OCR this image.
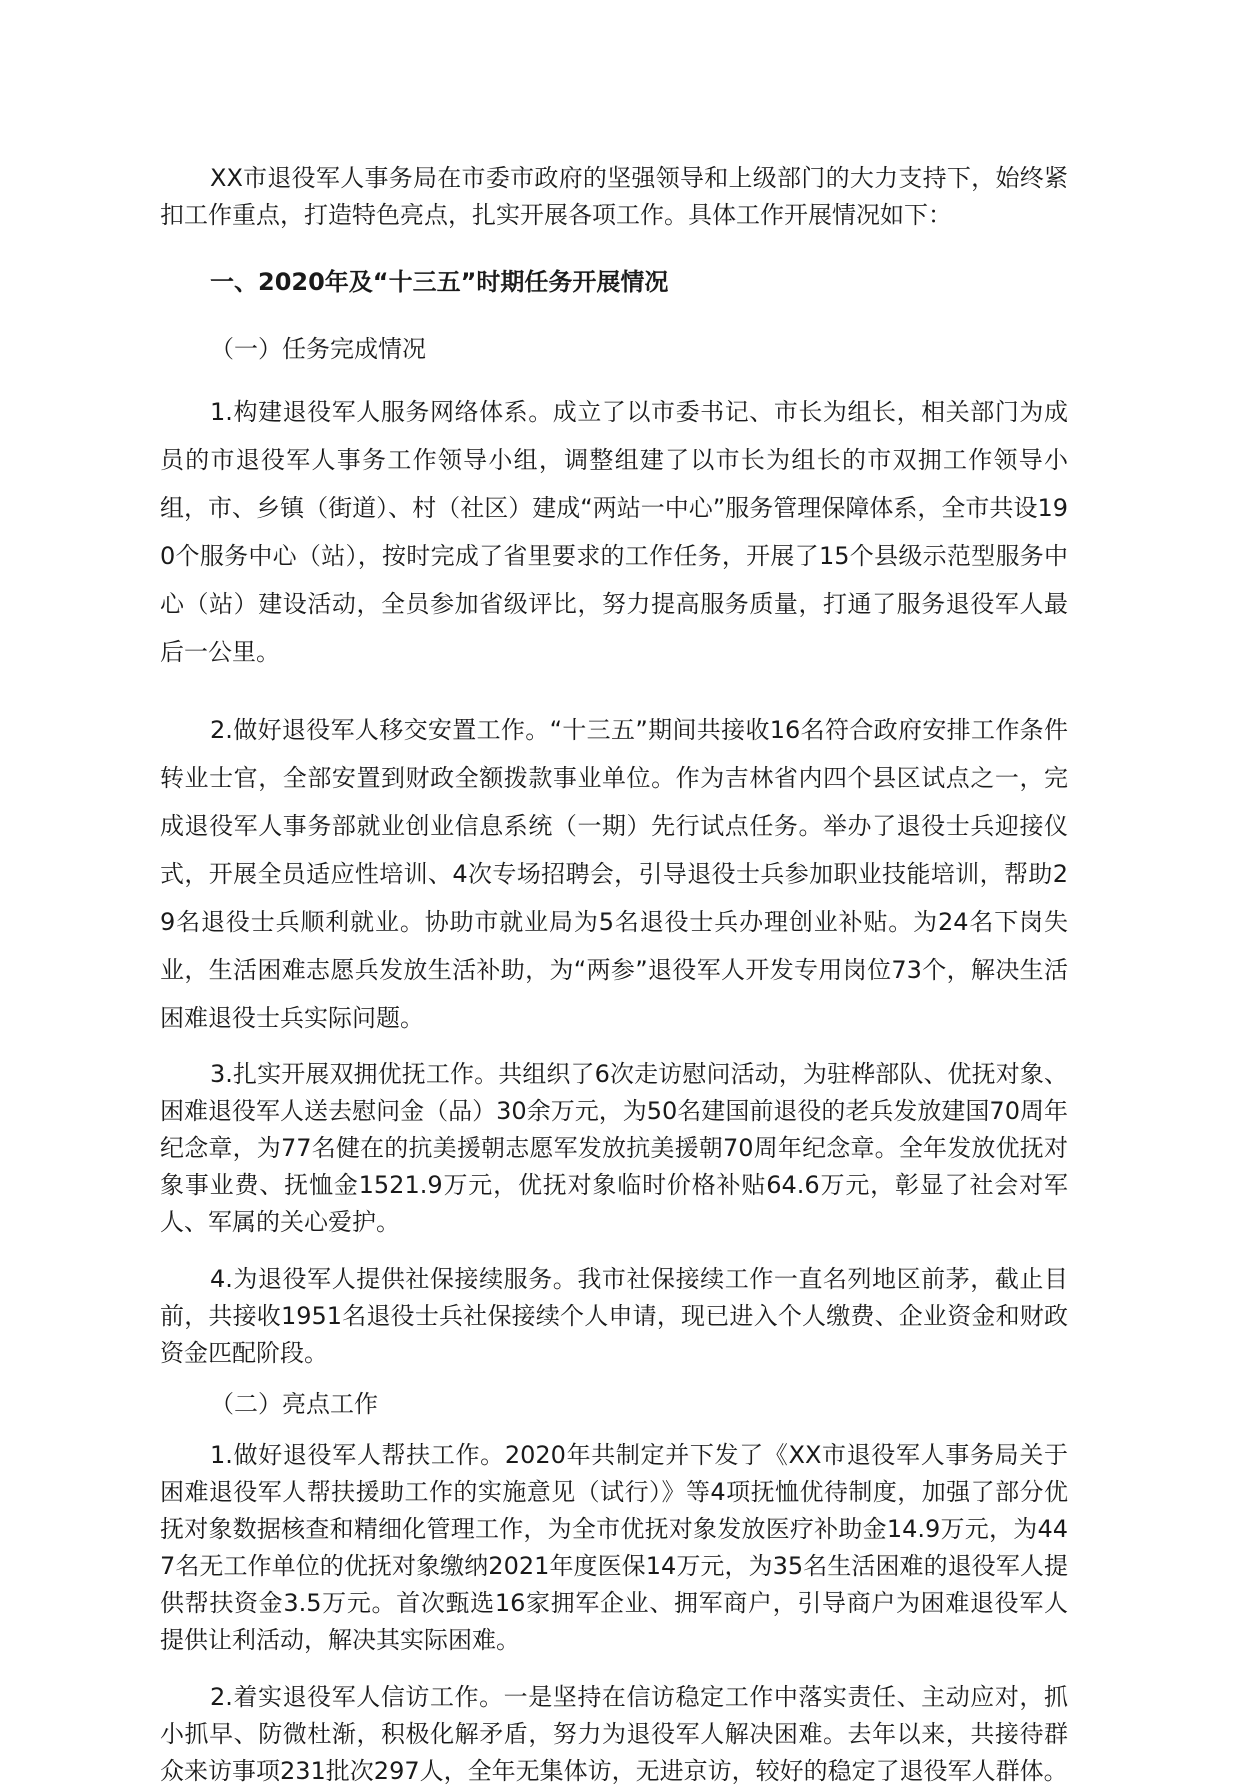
XX市退役军人事务局在市委市政府的坚强领导和上级部门的大力支持下，始终紧扣工作重点，打造特色亮点，扎实开展各项工作。具体工作开展情况如下：

一、2020年及“十三五”时期任务开展情况

（一）任务完成情况

1.构建退役军人服务网络体系。成立了以市委书记、市长为组长，相关部门为成员的市退役军人事务工作领导小组，调整组建了以市长为组长的市双拥工作领导小组，市、乡镇（街道）、村（社区）建成“两站一中心”服务管理保障体系，全市共设190个服务中心（站），按时完成了省里要求的工作任务，开展了15个县级示范型服务中心（站）建设活动，全员参加省级评比，努力提高服务质量，打通了服务退役军人最后一公里。

2.做好退役军人移交安置工作。“十三五”期间共接收16名符合政府安排工作条件转业士官，全部安置到财政全额拨款事业单位。作为吉林省内四个县区试点之一，完成退役军人事务部就业创业信息系统（一期）先行试点任务。举办了退役士兵迎接仪式，开展全员适应性培训、4次专场招聘会，引导退役士兵参加职业技能培训，帮助29名退役士兵顺利就业。协助市就业局为5名退役士兵办理创业补贴。为24名下岗失业，生活困难志愿兵发放生活补助，为“两参”退役军人开发专用岗位73个，解决生活困难退役士兵实际问题。

3.扎实开展双拥优抚工作。共组织了6次走访慰问活动，为驻桦部队、优抚对象、困难退役军人送去慰问金（品）30余万元，为50名建国前退役的老兵发放建国70周年纪念章，为77名健在的抗美援朝志愿军发放抗美援朝70周年纪念章。全年发放优抚对象事业费、抚恤金1521.9万元，优抚对象临时价格补贴64.6万元，彰显了社会对军人、军属的关心爱护。

4.为退役军人提供社保接续服务。我市社保接续工作一直名列地区前茅，截止目前，共接收1951名退役士兵社保接续个人申请，现已进入个人缴费、企业资金和财政资金匹配阶段。

（二）亮点工作

1.做好退役军人帮扶工作。2020年共制定并下发了《XX市退役军人事务局关于困难退役军人帮扶援助工作的实施意见（试行）》等4项抚恤优待制度，加强了部分优抚对象数据核查和精细化管理工作，为全市优抚对象发放医疗补助金14.9万元，为447名无工作单位的优抚对象缴纳2021年度医保14万元，为35名生活困难的退役军人提供帮扶资金3.5万元。首次甄选16家拥军企业、拥军商户，引导商户为困难退役军人提供让利活动，解决其实际困难。

2.着实退役军人信访工作。一是坚持在信访稳定工作中落实责任、主动应对，抓小抓早、防微杜渐，积极化解矛盾，努力为退役军人解决困难。去年以来，共接待群众来访事项231批次297人，全年无集体访，无进京访，较好的稳定了退役军人群体。
